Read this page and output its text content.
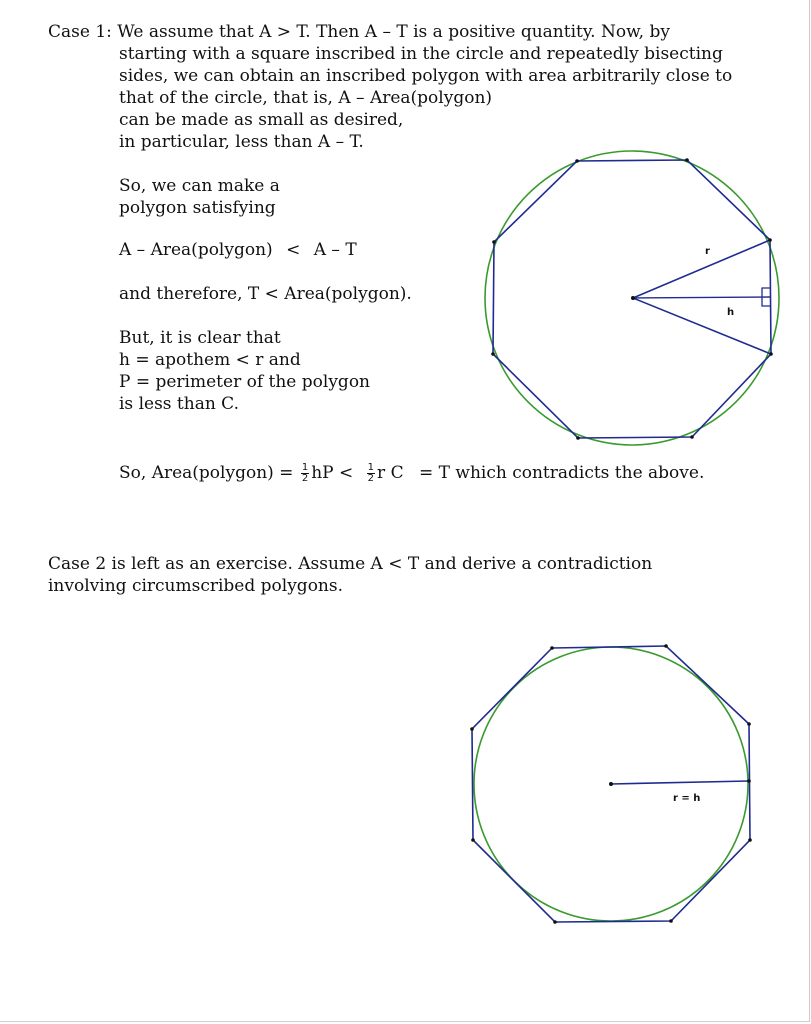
Case 1: We assume that A > T. Then A – T is a positive quantity. Now, by
starting with a square inscribed in the circle and repeatedly bisecting
sides, we can obtain an inscribed polygon with area arbitrarily close to
that of the circle, that is, A – Area(polygon)
can be made as small as desired,
in particular, less than A – T.
So, we can make a
polygon satisfying
A – Area(polygon) < A – T
and therefore, T < Area(polygon).
But, it is clear that
h = apothem < r and
P = perimeter of the polygon
is less than C.
So, Area(polygon) = $\frac{1}{2}$ hP < $\frac{1}{2}$ r C = T which contradicts the above.
Case 2 is left as an exercise. Assume A < T and derive a contradiction
involving circumscribed polygons.
r
h
r = h
